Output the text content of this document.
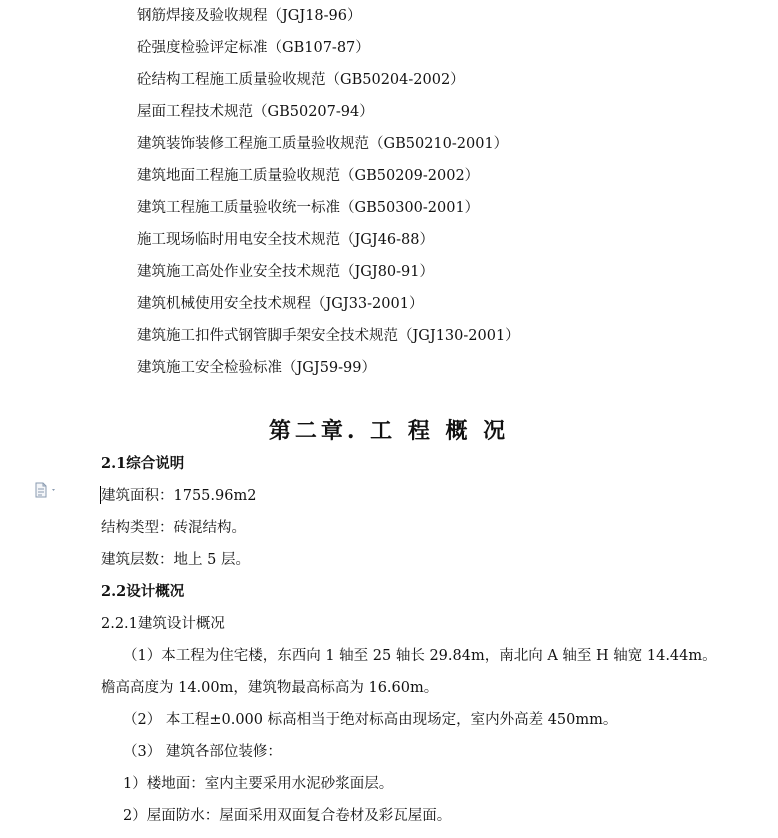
钢筋焊接及验收规程（JGJ18-96）
砼强度检验评定标准（GB107-87）
砼结构工程施工质量验收规范（GB50204-2002）
屋面工程技术规范（GB50207-94）
建筑装饰装修工程施工质量验收规范（GB50210-2001）
建筑地面工程施工质量验收规范（GB50209-2002）
建筑工程施工质量验收统一标准（GB50300-2001）
施工现场临时用电安全技术规范（JGJ46-88）
建筑施工高处作业安全技术规范（JGJ80-91）
建筑机械使用安全技术规程（JGJ33-2001）
建筑施工扣件式钢管脚手架安全技术规范（JGJ130-2001）
建筑施工安全检验标准（JGJ59-99）
第二章. 工 程 概 况
2.1综合说明
建筑面积：1755.96m2
结构类型：砖混结构。
建筑层数：地上 5 层。
2.2设计概况
2.2.1建筑设计概况
（1）本工程为住宅楼，东西向 1 轴至 25 轴长 29.84m，南北向 A 轴至 H 轴宽 14.44m。
檐高高度为 14.00m，建筑物最高标高为 16.60m。
（2） 本工程±0.000 标高相当于绝对标高由现场定，室内外高差 450mm。
（3） 建筑各部位装修：
1）楼地面：室内主要采用水泥砂浆面层。
2）屋面防水：屋面采用双面复合卷材及彩瓦屋面。
